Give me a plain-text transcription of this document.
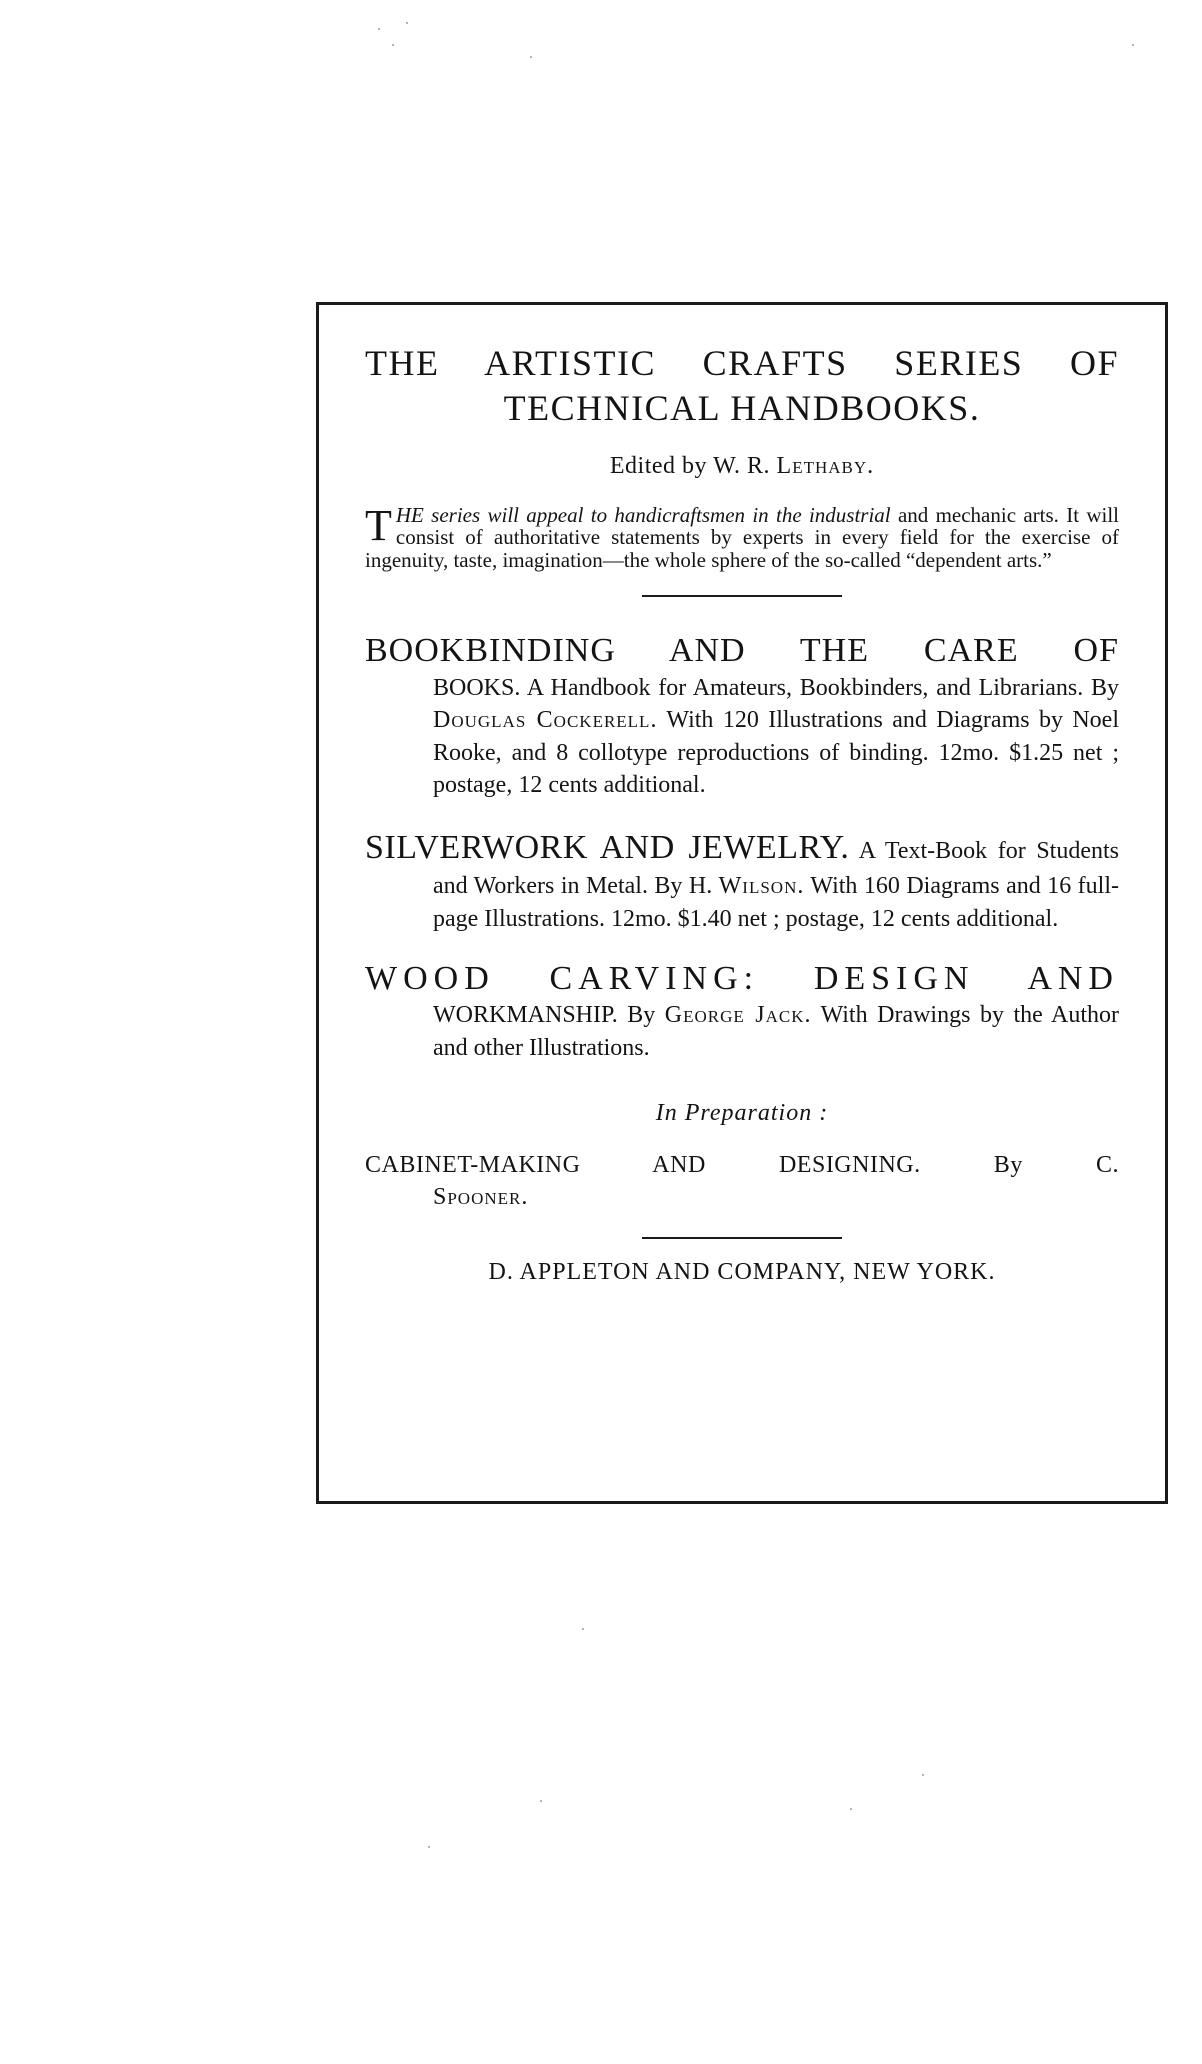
THE ARTISTIC CRAFTS SERIES OF
TECHNICAL HANDBOOKS.
Edited by W. R. Lethaby.
THE series will appeal to handicraftsmen in the industrial and mechanic arts. It will consist of authoritative statements by experts in every field for the exercise of ingenuity, taste, imagination—the whole sphere of the so-called “dependent arts.”
BOOKBINDING AND THE CARE OF
BOOKS. A Handbook for Amateurs, Bookbinders, and Librarians. By Douglas Cockerell. With 120 Illustrations and Diagrams by Noel Rooke, and 8 collotype reproductions of binding. 12mo. $1.25 net ; postage, 12 cents additional.
SILVERWORK AND JEWELRY. A Text-Book for Students and Workers in Metal. By H. Wilson. With 160 Diagrams and 16 full-page Illustrations. 12mo. $1.40 net ; postage, 12 cents additional.
WOOD CARVING: DESIGN AND
WORKMANSHIP. By George Jack. With Drawings by the Author and other Illustrations.
In Preparation :
CABINET-MAKING AND DESIGNING. By C.
Spooner.
D. APPLETON AND COMPANY, NEW YORK.
